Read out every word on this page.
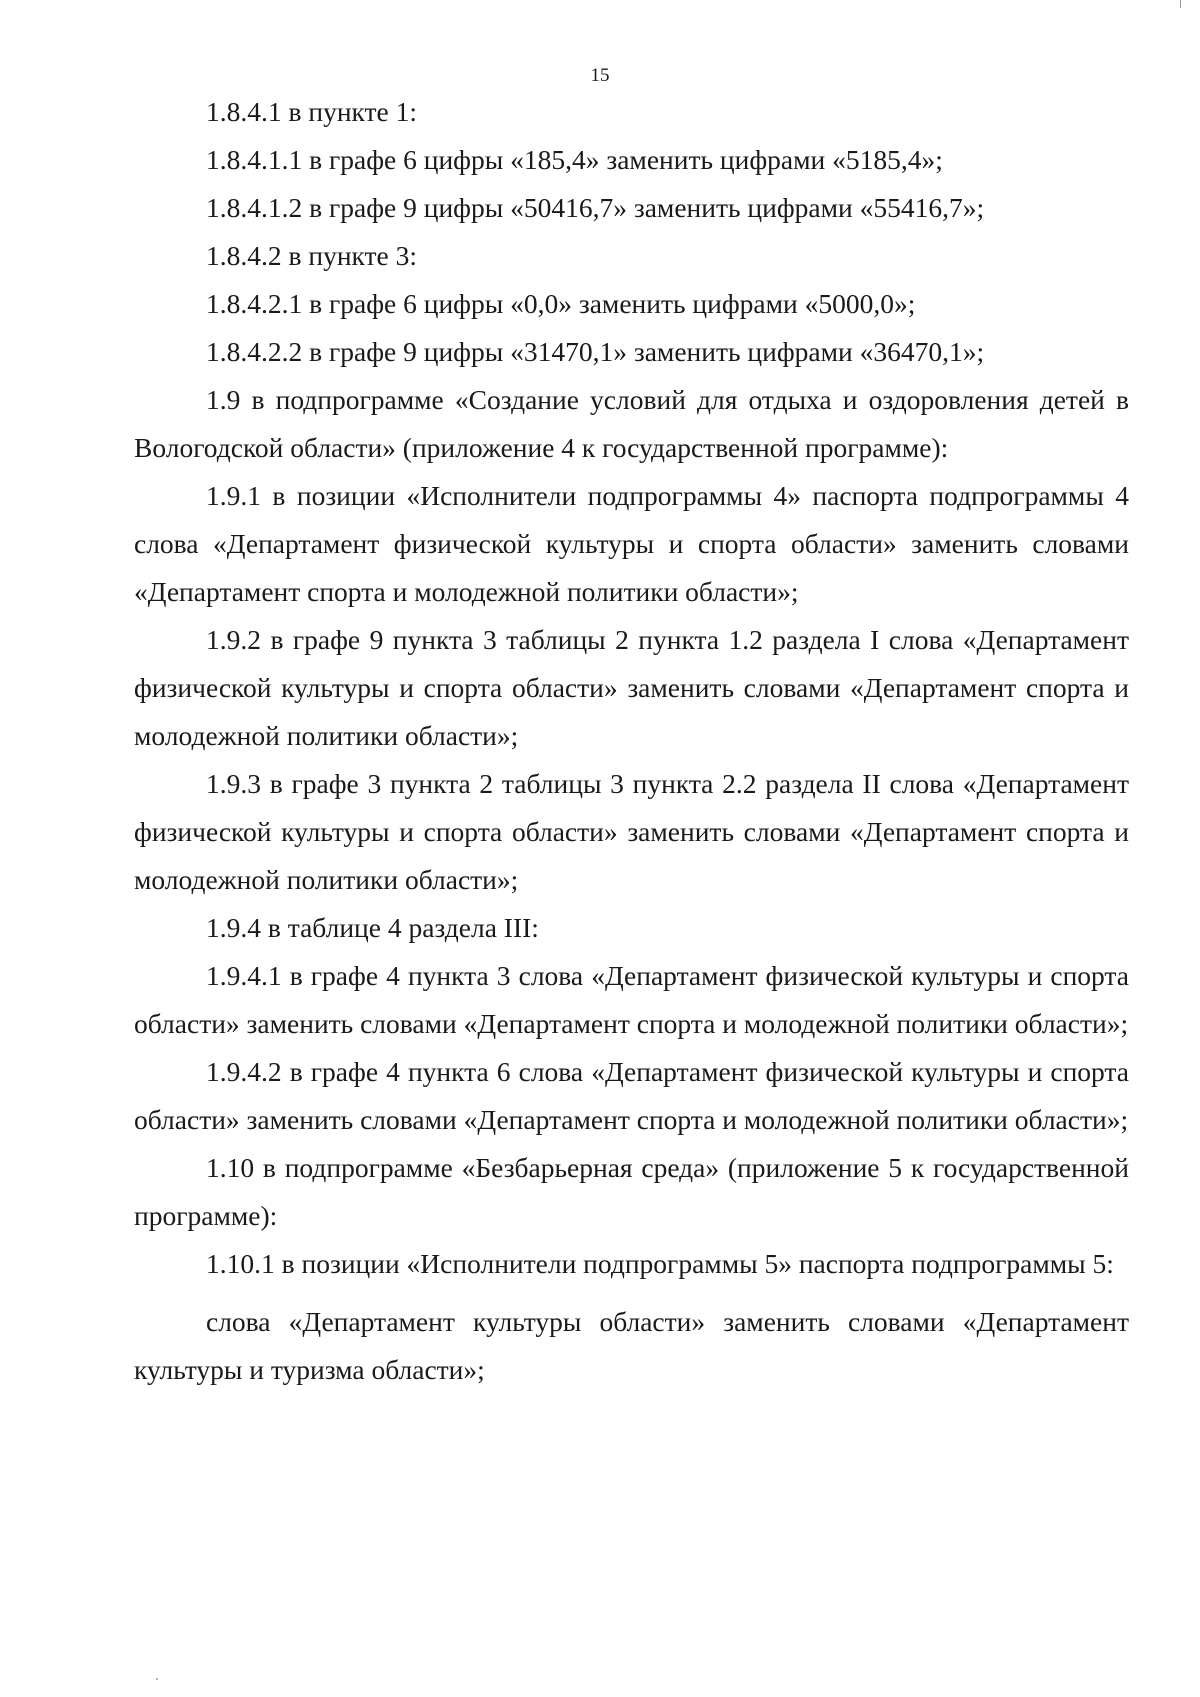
15

1.8.4.1 в пункте 1:

1.8.4.1.1 в графе 6 цифры «185,4» заменить цифрами «5185,4»;

1.8.4.1.2 в графе 9 цифры «50416,7» заменить цифрами «55416,7»;

1.8.4.2 в пункте 3:

1.8.4.2.1 в графе 6 цифры «0,0» заменить цифрами «5000,0»;

1.8.4.2.2 в графе 9 цифры «31470,1» заменить цифрами «36470,1»;

1.9 в подпрограмме «Создание условий для отдыха и оздоровления детей в Вологодской области» (приложение 4 к государственной программе):

1.9.1 в позиции «Исполнители подпрограммы 4» паспорта подпрограммы 4 слова «Департамент физической культуры и спорта области» заменить словами «Департамент спорта и молодежной политики области»;

1.9.2 в графе 9 пункта 3 таблицы 2 пункта 1.2 раздела I слова «Департамент физической культуры и спорта области» заменить словами «Департамент спорта и молодежной политики области»;

1.9.3 в графе 3 пункта 2 таблицы 3 пункта 2.2 раздела II слова «Департамент физической культуры и спорта области» заменить словами «Департамент спорта и молодежной политики области»;

1.9.4 в таблице 4 раздела III:

1.9.4.1 в графе 4 пункта 3 слова «Департамент физической культуры и спорта области» заменить словами «Департамент спорта и молодежной политики области»;

1.9.4.2 в графе 4 пункта 6 слова «Департамент физической культуры и спорта области» заменить словами «Департамент спорта и молодежной политики области»;

1.10 в подпрограмме «Безбарьерная среда» (приложение 5 к государственной программе):

1.10.1 в позиции «Исполнители подпрограммы 5» паспорта подпрограммы 5:

слова «Департамент культуры области» заменить словами «Департамент культуры и туризма области»;
